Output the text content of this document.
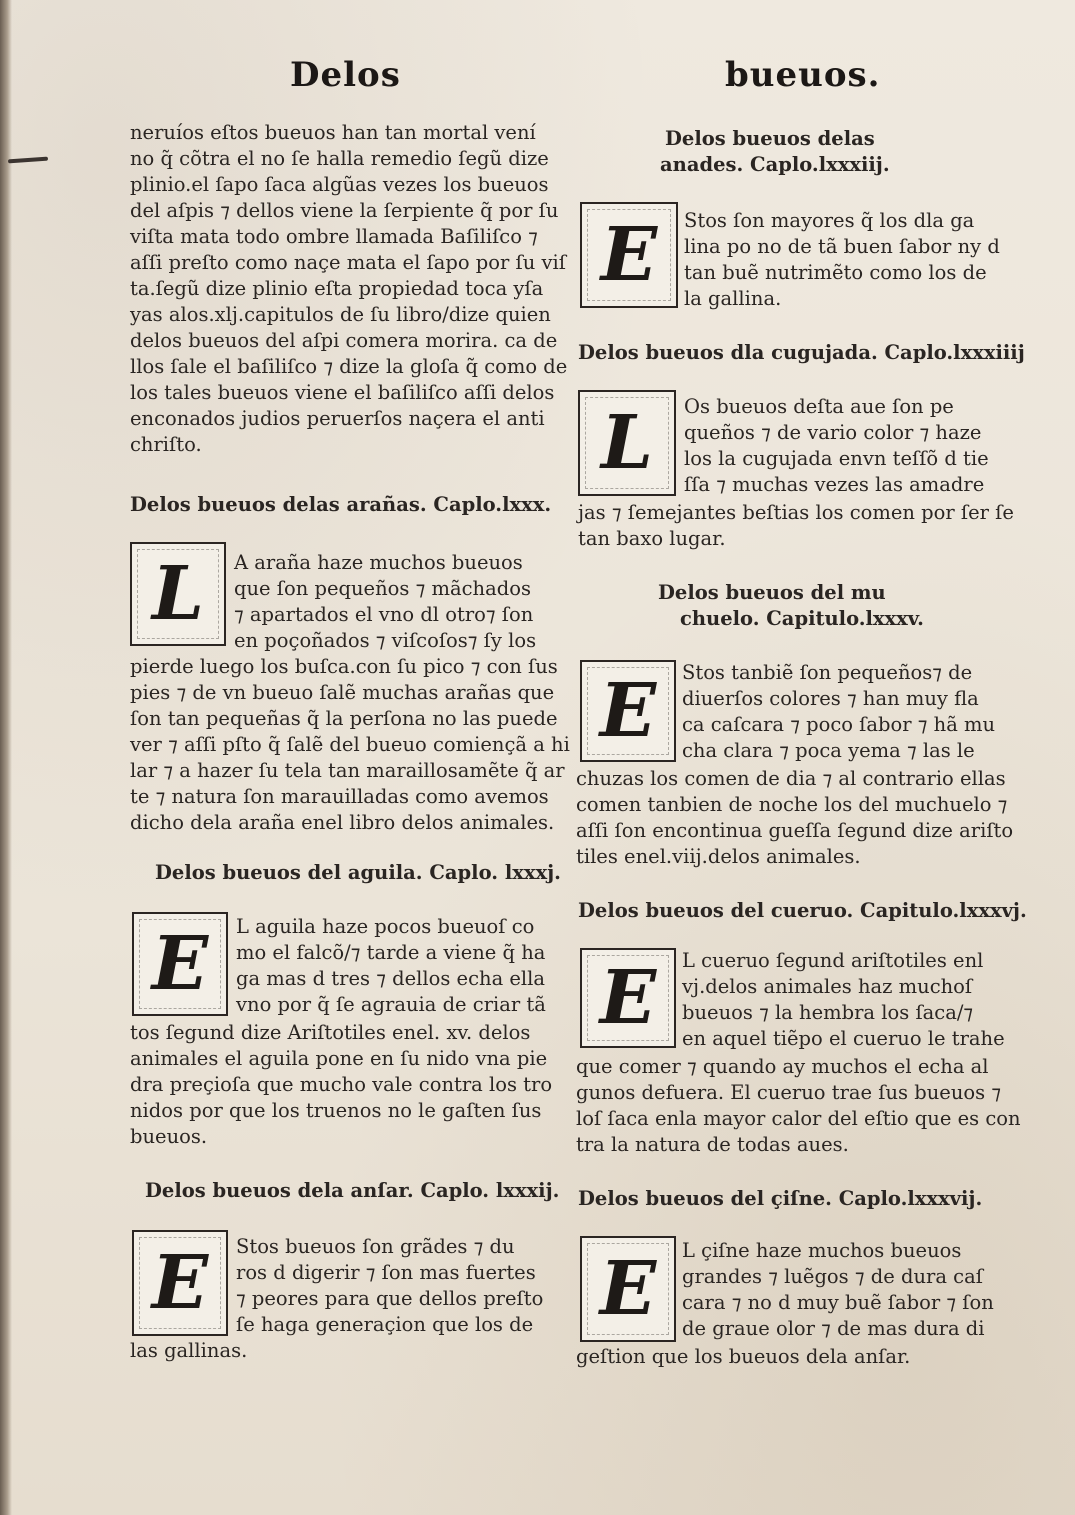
Delos	bueuos.
neruíos eſtos bueuos han tan mortal vení
no q̃ cõtra el no ſe halla remedio ſegũ dize
plinio.el ſapo ſaca algũas vezes los bueuos
del aſpis ⁊ dellos viene la ſerpiente q̃ por ſu
viſta mata todo ombre llamada Baſiliſco ⁊
aſſi preſto como naçe mata el ſapo por ſu viſ
ta.ſegũ dize plinio eſta propiedad toca yſa
yas alos.xlj.capitulos de ſu libro/dize quien
delos bueuos del aſpi comera morira. ca de
llos ſale el baſiliſco ⁊ dize la gloſa q̃ como de
los tales bueuos viene el baſiliſco aſſi delos
enconados judios peruerſos naçera el anti
chriſto.
Delos bueuos delas arañas. Caplo.lxxx.
L A araña haze muchos bueuos
que ſon pequeños ⁊ mãchados
⁊ apartados el vno dl otro⁊ ſon
en poçoñados ⁊ viſcoſos⁊ ſy los
pierde luego los buſca.con ſu pico ⁊ con ſus
pies ⁊ de vn bueuo ſalẽ muchas arañas que
ſon tan pequeñas q̃ la perſona no las puede
ver ⁊ aſſi pſto q̃ ſalẽ del bueuo comiençã a hi
lar ⁊ a hazer ſu tela tan maraillosamẽte q̃ ar
te ⁊ natura ſon marauilladas como avemos
dicho dela araña enel libro delos animales.
Delos bueuos del aguila. Caplo. lxxxj.
E L aguila haze pocos bueuoſ co
mo el falcõ/⁊ tarde a viene q̃ ha
ga mas d tres ⁊ dellos echa ella
vno por q̃ ſe agrauia de criar tã
tos ſegund dize Ariſtotiles enel. xv. delos
animales el aguila pone en ſu nido vna pie
dra preçioſa que mucho vale contra los tro
nidos por que los truenos no le gaſten ſus
bueuos.
Delos bueuos dela anſar. Caplo. lxxxij.
E Stos bueuos ſon grãdes ⁊ du
ros d digerir ⁊ ſon mas fuertes
⁊ peores para que dellos preſto
ſe haga generaçion que los de
las gallinas.
Delos bueuos delas
anades. Caplo.lxxxiij.
E Stos ſon mayores q̃ los dla ga
lina po no de tã buen ſabor ny d
tan buẽ nutrimẽto como los de
la gallina.
Delos bueuos dla cugujada. Caplo.lxxxiiij
L Os bueuos deſta aue ſon pe
queños ⁊ de vario color ⁊ haze
los la cugujada envn teſſõ d tie
ſſa ⁊ muchas vezes las amadre
jas ⁊ ſemejantes beſtias los comen por ſer ſe
tan baxo lugar.
Delos bueuos del mu
chuelo. Capitulo.lxxxv.
E Stos tanbiẽ ſon pequeños⁊ de
diuerſos colores ⁊ han muy fla
ca caſcara ⁊ poco ſabor ⁊ hã mu
cha clara ⁊ poca yema ⁊ las le
chuzas los comen de dia ⁊ al contrario ellas
comen tanbien de noche los del muchuelo ⁊
aſſi ſon encontinua gueſſa ſegund dize ariſto
tiles enel.viij.delos animales.
Delos bueuos del cueruo. Capitulo.lxxxvj.
E L cueruo ſegund ariſtotiles enl
vj.delos animales haz muchoſ
bueuos ⁊ la hembra los ſaca/⁊
en aquel tiẽpo el cueruo le trahe
que comer ⁊ quando ay muchos el echa al
gunos defuera. El cueruo trae ſus bueuos ⁊
loſ ſaca enla mayor calor del eſtio que es con
tra la natura de todas aues.
Delos bueuos del çiſne. Caplo.lxxxvij.
E L çiſne haze muchos bueuos
grandes ⁊ luẽgos ⁊ de dura caſ
cara ⁊ no d muy buẽ ſabor ⁊ ſon
de graue olor ⁊ de mas dura di
geſtion que los bueuos dela anſar.
